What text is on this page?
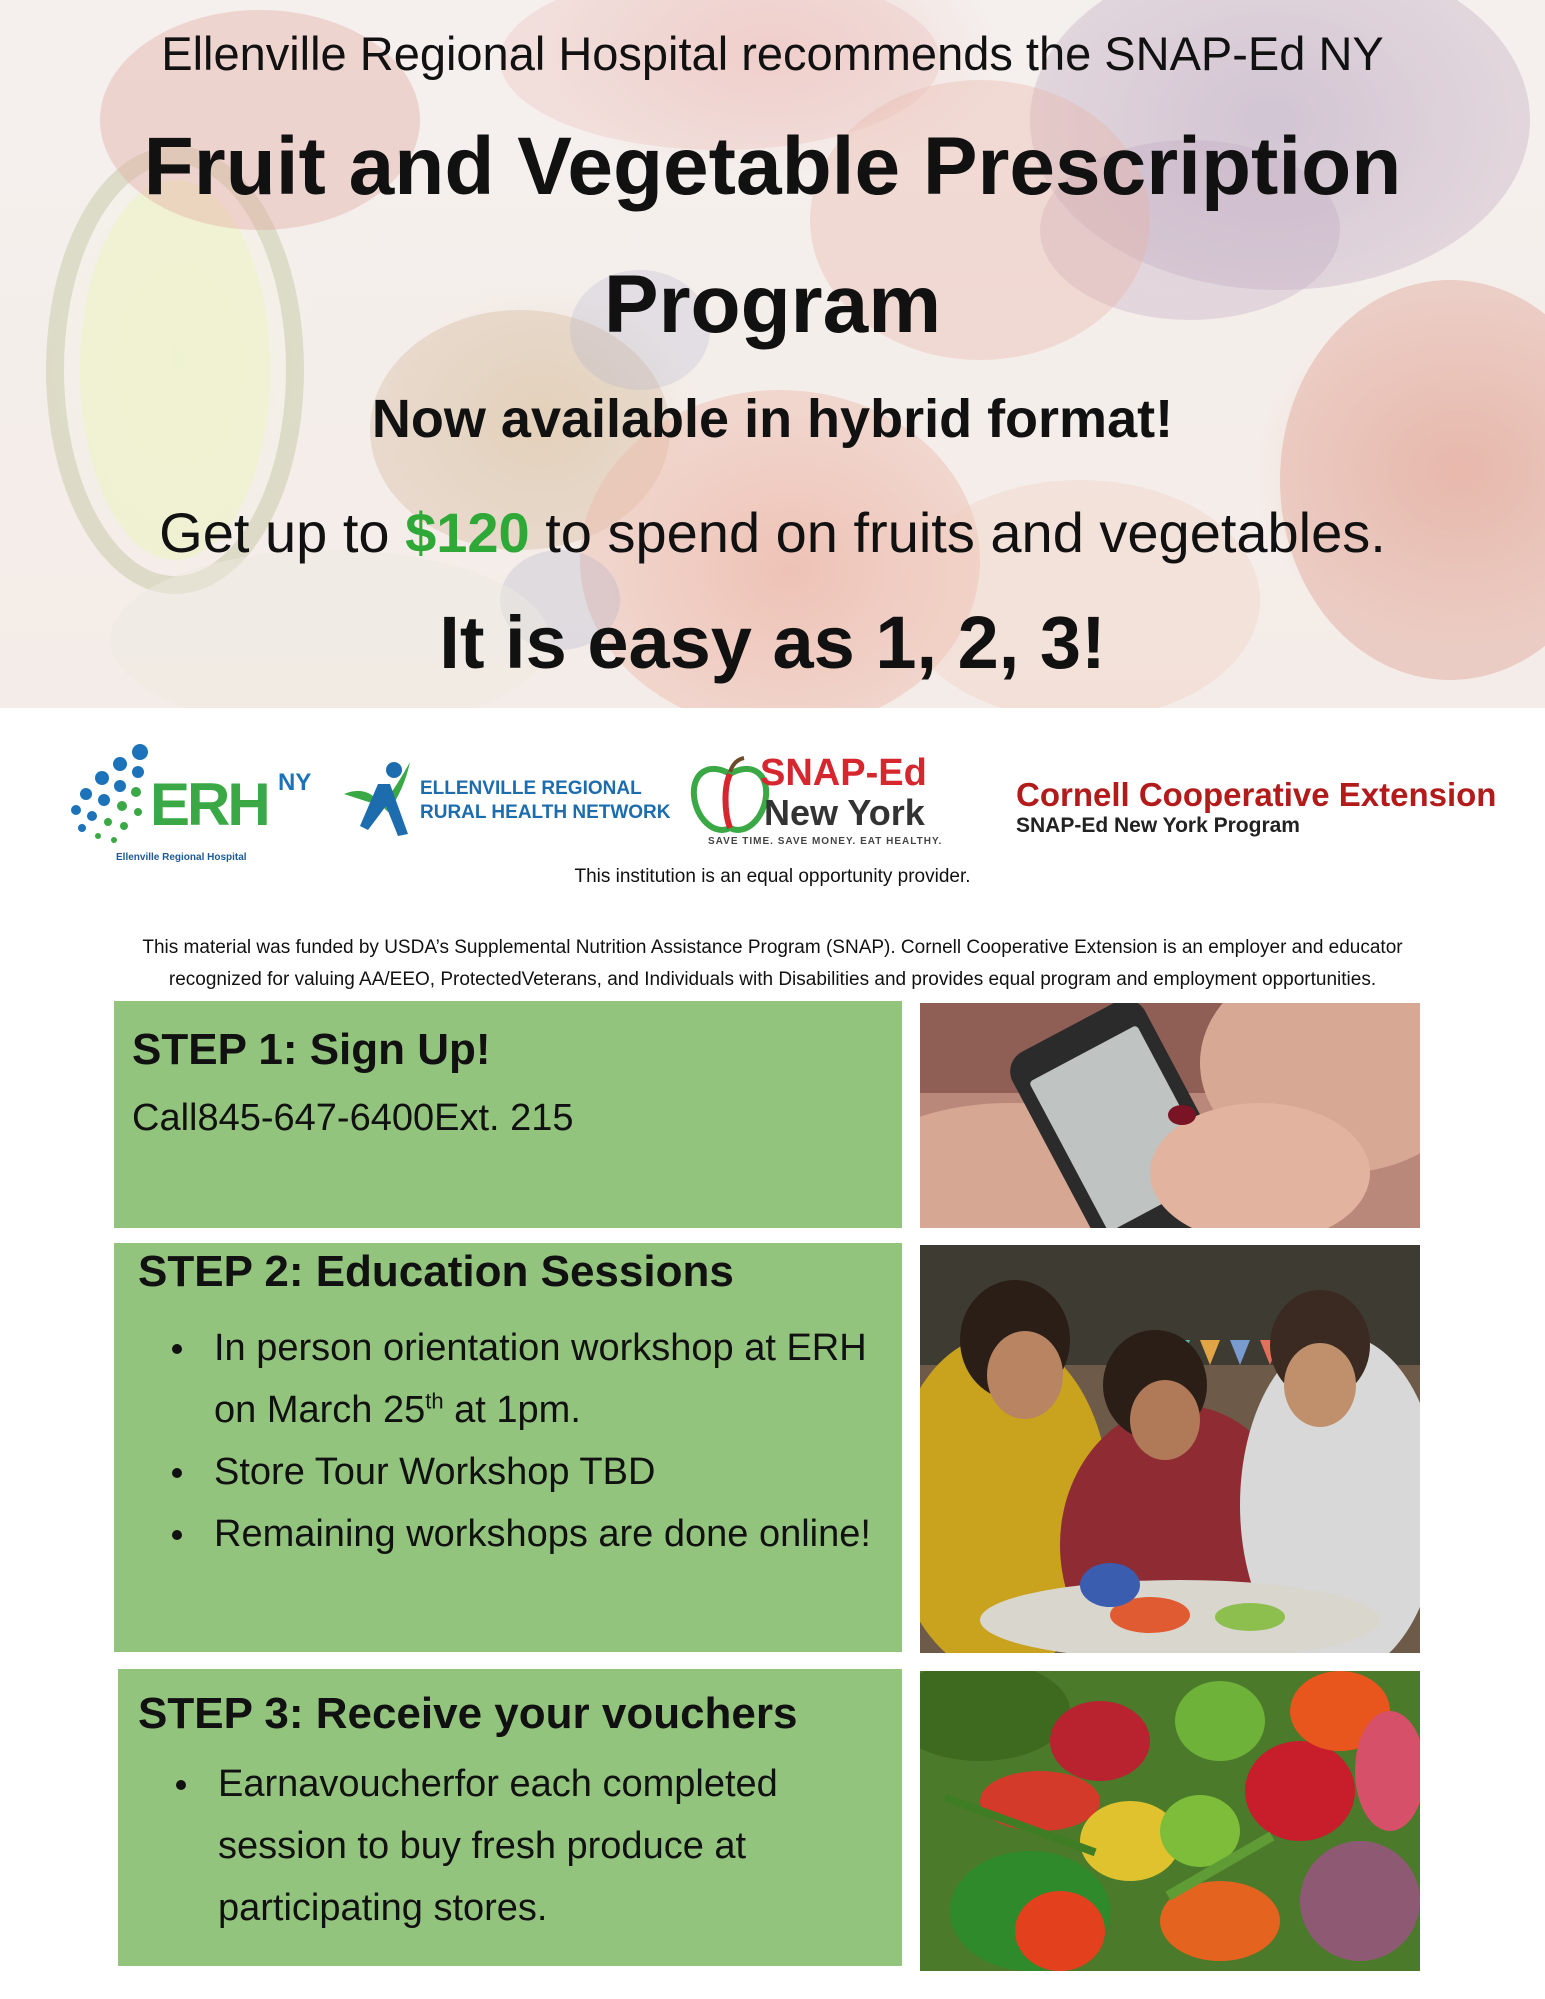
Ellenville Regional Hospital recommends the SNAP-Ed NY
Fruit and Vegetable Prescription
Program
Now available in hybrid format!
Get up to $120 to spend on fruits and vegetables.
It is easy as 1, 2, 3!
ERH NY
Ellenville Regional Hospital
ELLENVILLE REGIONAL
RURAL HEALTH NETWORK
SNAP-Ed
New York
SAVE TIME. SAVE MONEY. EAT HEALTHY.
Cornell Cooperative Extension
SNAP-Ed New York Program
This institution is an equal opportunity provider.
This material was funded by USDA’s Supplemental Nutrition Assistance Program (SNAP). Cornell Cooperative Extension is an employer and educator
recognized for valuing AA/EEO, ProtectedVeterans, and Individuals with Disabilities and provides equal program and employment opportunities.
STEP 1: Sign Up!
Call845-647-6400Ext. 215
STEP 2: Education Sessions
In person orientation workshop at ERH on March 25th at 1pm.
Store Tour Workshop TBD
Remaining workshops are done online!
STEP 3: Receive your vouchers
Earnavoucherfor each completed session to buy fresh produce at participating stores.
